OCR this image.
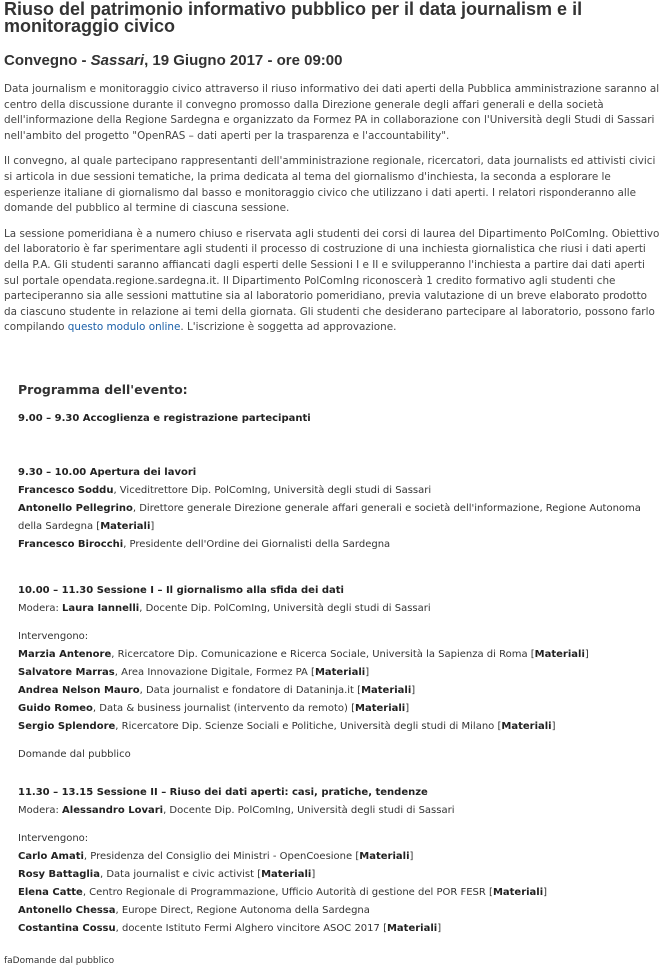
Riuso del patrimonio informativo pubblico per il data journalism e il monitoraggio civico
Convegno - Sassari, 19 Giugno 2017 - ore 09:00

Data journalism e monitoraggio civico attraverso il riuso informativo dei dati aperti della Pubblica amministrazione saranno al centro della discussione durante il convegno promosso dalla Direzione generale degli affari generali e della società dell'informazione della Regione Sardegna e organizzato da Formez PA in collaborazione con l'Università degli Studi di Sassari nell'ambito del progetto "OpenRAS – dati aperti per la trasparenza e l'accountability".

Il convegno, al quale partecipano rappresentanti dell'amministrazione regionale, ricercatori, data journalists ed attivisti civici si articola in due sessioni tematiche, la prima dedicata al tema del giornalismo d'inchiesta, la seconda a esplorare le esperienze italiane di giornalismo dal basso e monitoraggio civico che utilizzano i dati aperti. I relatori risponderanno alle domande del pubblico al termine di ciascuna sessione.

La sessione pomeridiana è a numero chiuso e riservata agli studenti dei corsi di laurea del Dipartimento PolComIng. Obiettivo del laboratorio è far sperimentare agli studenti il processo di costruzione di una inchiesta giornalistica che riusi i dati aperti della P.A. Gli studenti saranno affiancati dagli esperti delle Sessioni I e II e svilupperanno l'inchiesta a partire dai dati aperti sul portale opendata.regione.sardegna.it. Il Dipartimento PolComIng riconoscerà 1 credito formativo agli studenti che parteciperanno sia alle sessioni mattutine sia al laboratorio pomeridiano, previa valutazione di un breve elaborato prodotto da ciascuno studente in relazione ai temi della giornata. Gli studenti che desiderano partecipare al laboratorio, possono farlo compilando questo modulo online. L'iscrizione è soggetta ad approvazione.

Programma dell'evento:

9.00 – 9.30 Accoglienza e registrazione partecipanti

9.30 – 10.00 Apertura dei lavori

Francesco Soddu, Viceditrettore Dip. PolComIng, Università degli studi di Sassari

Antonello Pellegrino, Direttore generale Direzione generale affari generali e società dell'informazione, Regione Autonoma della Sardegna [Materiali]

Francesco Birocchi, Presidente dell'Ordine dei Giornalisti della Sardegna

10.00 – 11.30 Sessione I – Il giornalismo alla sfida dei dati

Modera: Laura Iannelli, Docente Dip. PolComIng, Università degli studi di Sassari

Intervengono:

Marzia Antenore, Ricercatore Dip. Comunicazione e Ricerca Sociale, Università la Sapienza di Roma [Materiali]

Salvatore Marras, Area Innovazione Digitale, Formez PA [Materiali]

Andrea Nelson Mauro, Data journalist e fondatore di Dataninja.it [Materiali]

Guido Romeo, Data & business journalist (intervento da remoto) [Materiali]

Sergio Splendore, Ricercatore Dip. Scienze Sociali e Politiche, Università degli studi di Milano [Materiali]

Domande dal pubblico

11.30 – 13.15 Sessione II – Riuso dei dati aperti: casi, pratiche, tendenze

Modera: Alessandro Lovari, Docente Dip. PolComIng, Università degli studi di Sassari

Intervengono:

Carlo Amati, Presidenza del Consiglio dei Ministri - OpenCoesione [Materiali]

Rosy Battaglia, Data journalist e civic activist [Materiali]

Elena Catte, Centro Regionale di Programmazione, Ufficio Autorità di gestione del POR FESR [Materiali]

Antonello Chessa, Europe Direct, Regione Autonoma della Sardegna

Costantina Cossu, docente Istituto Fermi Alghero vincitore ASOC 2017 [Materiali]

faDomande dal pubblico
